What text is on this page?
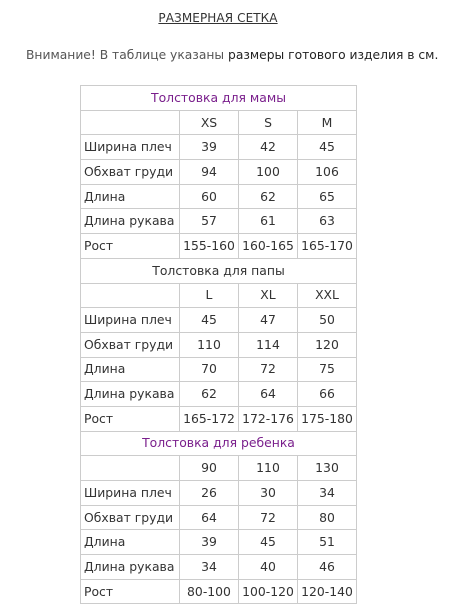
РАЗМЕРНАЯ СЕТКА
Внимание! В таблице указаны размеры готового изделия в см.
Толстовка для мамы			
	XS	S	M
Ширина плеч	39	42	45
Обхват груди	94	100	106
Длина	60	62	65
Длина рукава	57	61	63
Рост	155-160	160-165	165-170
Толстовка для папы			
	L	XL	XXL
Ширина плеч	45	47	50
Обхват груди	110	114	120
Длина	70	72	75
Длина рукава	62	64	66
Рост	165-172	172-176	175-180
Толстовка для ребенка			
	90	110	130
Ширина плеч	26	30	34
Обхват груди	64	72	80
Длина	39	45	51
Длина рукава	34	40	46
Рост	80-100	100-120	120-140
